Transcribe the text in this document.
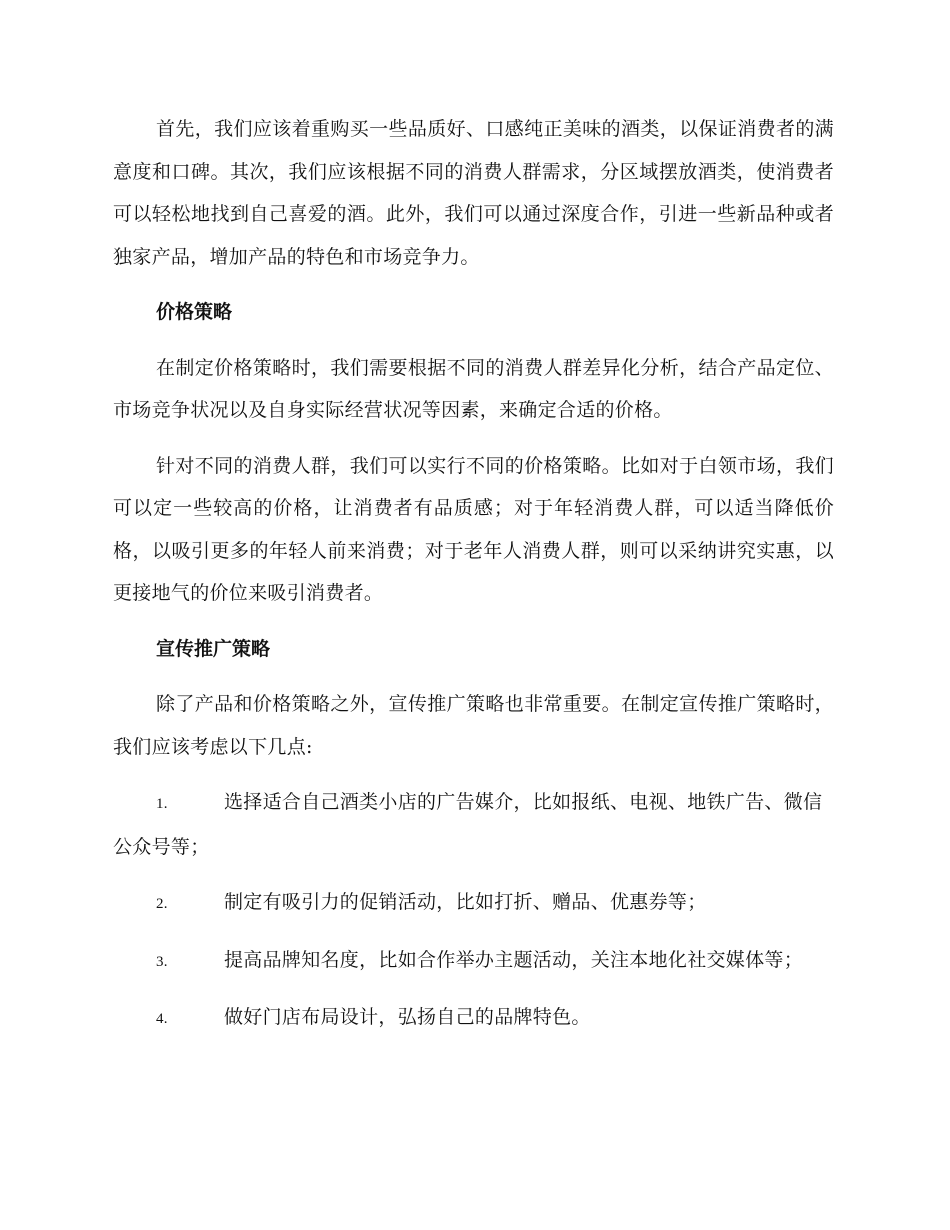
首先，我们应该着重购买一些品质好、口感纯正美味的酒类，以保证消费者的满意度和口碑。其次，我们应该根据不同的消费人群需求，分区域摆放酒类，使消费者可以轻松地找到自己喜爱的酒。此外，我们可以通过深度合作，引进一些新品种或者独家产品，增加产品的特色和市场竞争力。

价格策略

在制定价格策略时，我们需要根据不同的消费人群差异化分析，结合产品定位、市场竞争状况以及自身实际经营状况等因素，来确定合适的价格。

针对不同的消费人群，我们可以实行不同的价格策略。比如对于白领市场，我们可以定一些较高的价格，让消费者有品质感；对于年轻消费人群，可以适当降低价格，以吸引更多的年轻人前来消费；对于老年人消费人群，则可以采纳讲究实惠，以更接地气的价位来吸引消费者。

宣传推广策略

除了产品和价格策略之外，宣传推广策略也非常重要。在制定宣传推广策略时，我们应该考虑以下几点:

1.	选择适合自己酒类小店的广告媒介，比如报纸、电视、地铁广告、微信公众号等；
2.	制定有吸引力的促销活动，比如打折、赠品、优惠券等；
3.	提高品牌知名度，比如合作举办主题活动，关注本地化社交媒体等；
4.	做好门店布局设计，弘扬自己的品牌特色。
